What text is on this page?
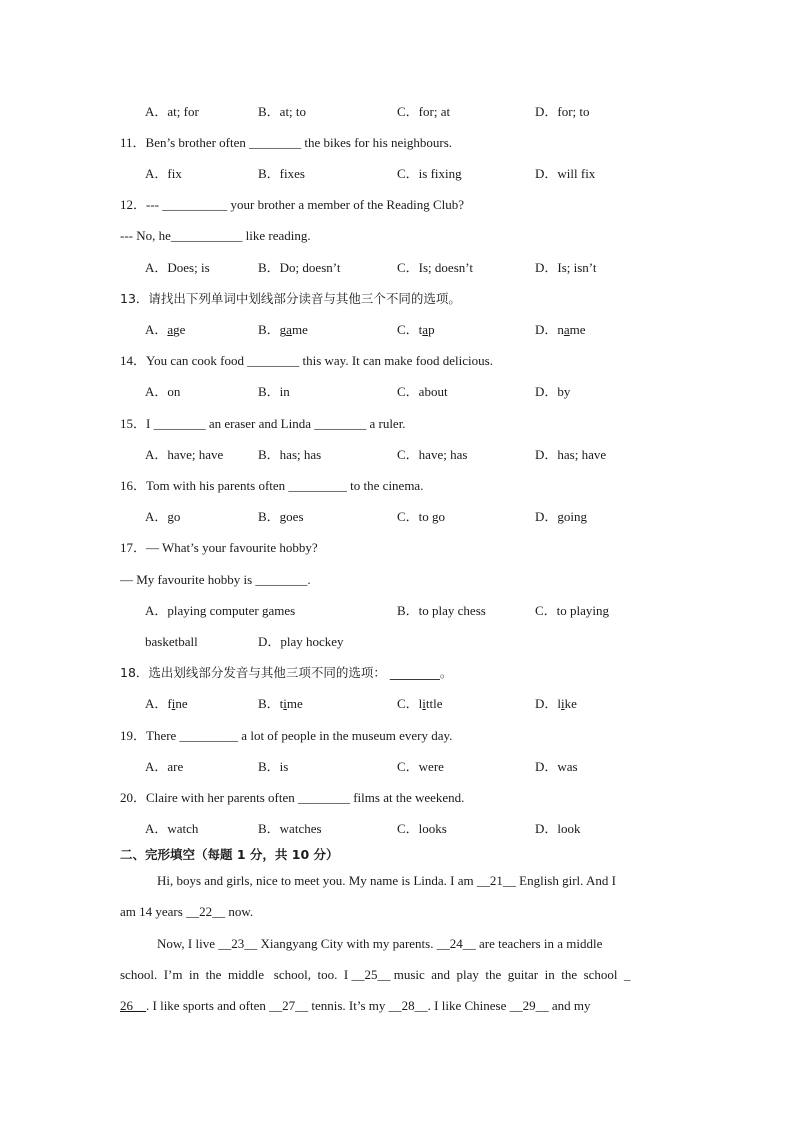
A．at; for	B．at; to	C．for; at	D．for; to
11．Ben’s brother often ________ the bikes for his neighbours.
A．fix	B．fixes	C．is fixing	D．will fix
12．--- __________ your brother a member of the Reading Club?
--- No, he___________ like reading.
A．Does; is	B．Do; doesn’t	C．Is; doesn’t	D．Is; isn’t
13．请找出下列单词中划线部分读音与其他三个不同的选项。
A．age	B．game	C．tap	D．name
14．You can cook food ________ this way. It can make food delicious.
A．on	B．in	C．about	D．by
15．I ________ an eraser and Linda ________ a ruler.
A．have; have	B．has; has	C．have; has	D．has; have
16．Tom with his parents often _________ to the cinema.
A．go	B．goes	C．to go	D．going
17．— What’s your favourite hobby?
— My favourite hobby is ________.
A．playing computer games	B．to play chess	C．to playing
basketball	D．play hockey
18．选出划线部分发音与其他三项不同的选项： ________。
A．fine	B．time	C．little	D．like
19．There _________ a lot of people in the museum every day.
A．are	B．is	C．were	D．was
20．Claire with her parents often ________ films at the weekend.
A．watch	B．watches	C．looks	D．look
二、完形填空（每题 1 分，共 10 分）
Hi, boys and girls, nice to meet you. My name is Linda. I am __21__ English girl. And I
am 14 years __22__ now.
Now, I live __23__ Xiangyang City with my parents. __24__ are teachers in a middle
school.  I’m  in  the  middle   school,  too.  I __25__ music  and  play  the  guitar  in  the  school  _
26__. I like sports and often __27__ tennis. It’s my __28__. I like Chinese __29__ and my
